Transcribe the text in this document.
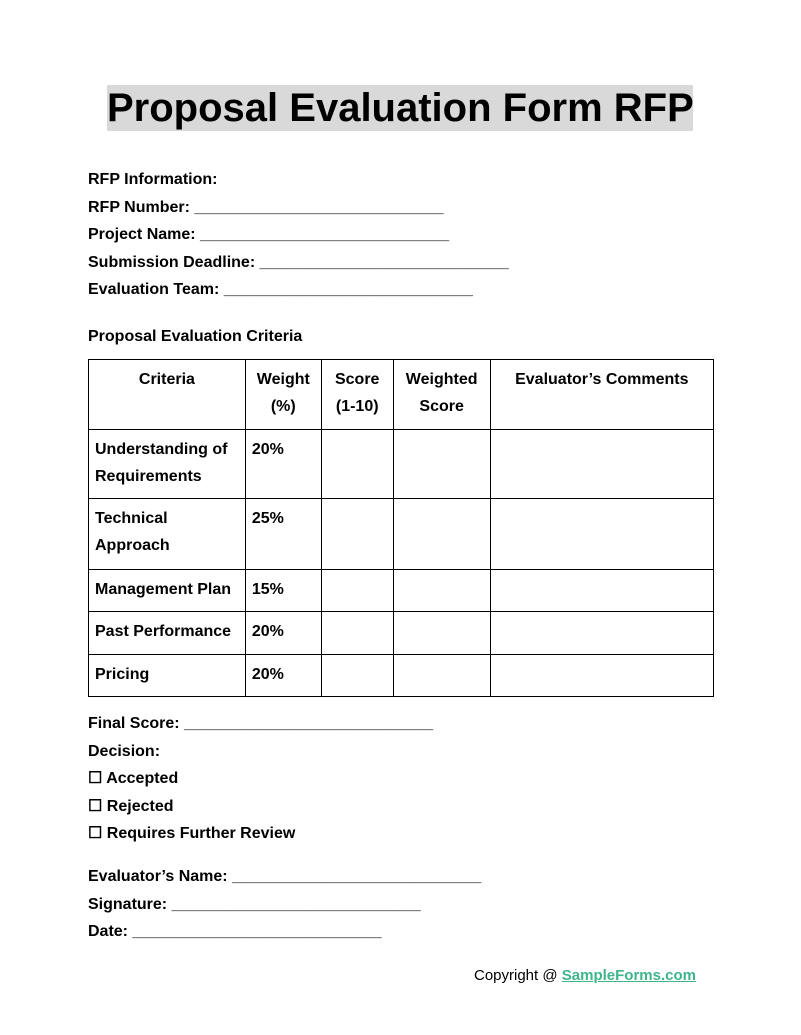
Proposal Evaluation Form RFP
RFP Information:
RFP Number: ____________________________
Project Name: ____________________________
Submission Deadline: ____________________________
Evaluation Team: ____________________________
Proposal Evaluation Criteria
Criteria	Weight (%)	Score (1-10)	Weighted Score	Evaluator’s Comments
Understanding of Requirements	20%			
Technical Approach	25%			
Management Plan	15%			
Past Performance	20%			
Pricing	20%			
Final Score: ____________________________
Decision:
☐ Accepted
☐ Rejected
☐ Requires Further Review
Evaluator’s Name: ____________________________
Signature: ____________________________
Date: ____________________________
Copyright @ SampleForms.com
